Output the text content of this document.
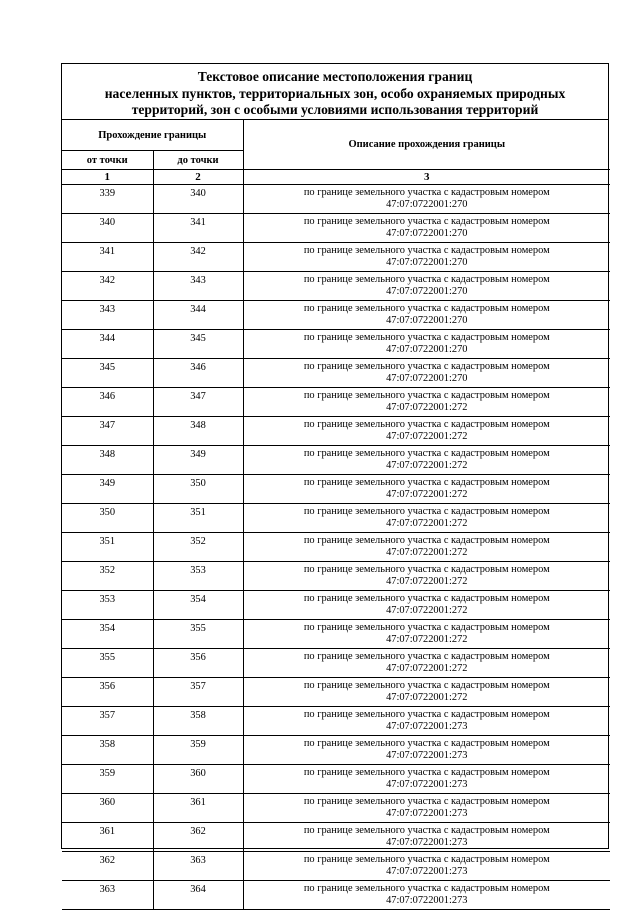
Текстовое описание местоположения границ
населенных пунктов, территориальных зон, особо охраняемых природных
территорий, зон с особыми условиями использования территорий
Прохождение границы		Описание прохождения границы
от точки	до точки	
1	2	3
339	340	по границе земельного участка с кадастровым номером
47:07:0722001:270

340	341	по границе земельного участка с кадастровым номером
47:07:0722001:270

341	342	по границе земельного участка с кадастровым номером
47:07:0722001:270

342	343	по границе земельного участка с кадастровым номером
47:07:0722001:270

343	344	по границе земельного участка с кадастровым номером
47:07:0722001:270

344	345	по границе земельного участка с кадастровым номером
47:07:0722001:270

345	346	по границе земельного участка с кадастровым номером
47:07:0722001:270

346	347	по границе земельного участка с кадастровым номером
47:07:0722001:272

347	348	по границе земельного участка с кадастровым номером
47:07:0722001:272

348	349	по границе земельного участка с кадастровым номером
47:07:0722001:272

349	350	по границе земельного участка с кадастровым номером
47:07:0722001:272

350	351	по границе земельного участка с кадастровым номером
47:07:0722001:272

351	352	по границе земельного участка с кадастровым номером
47:07:0722001:272

352	353	по границе земельного участка с кадастровым номером
47:07:0722001:272

353	354	по границе земельного участка с кадастровым номером
47:07:0722001:272

354	355	по границе земельного участка с кадастровым номером
47:07:0722001:272

355	356	по границе земельного участка с кадастровым номером
47:07:0722001:272

356	357	по границе земельного участка с кадастровым номером
47:07:0722001:272

357	358	по границе земельного участка с кадастровым номером
47:07:0722001:273

358	359	по границе земельного участка с кадастровым номером
47:07:0722001:273

359	360	по границе земельного участка с кадастровым номером
47:07:0722001:273

360	361	по границе земельного участка с кадастровым номером
47:07:0722001:273

361	362	по границе земельного участка с кадастровым номером
47:07:0722001:273

362	363	по границе земельного участка с кадастровым номером
47:07:0722001:273

363	364	по границе земельного участка с кадастровым номером
47:07:0722001:273
